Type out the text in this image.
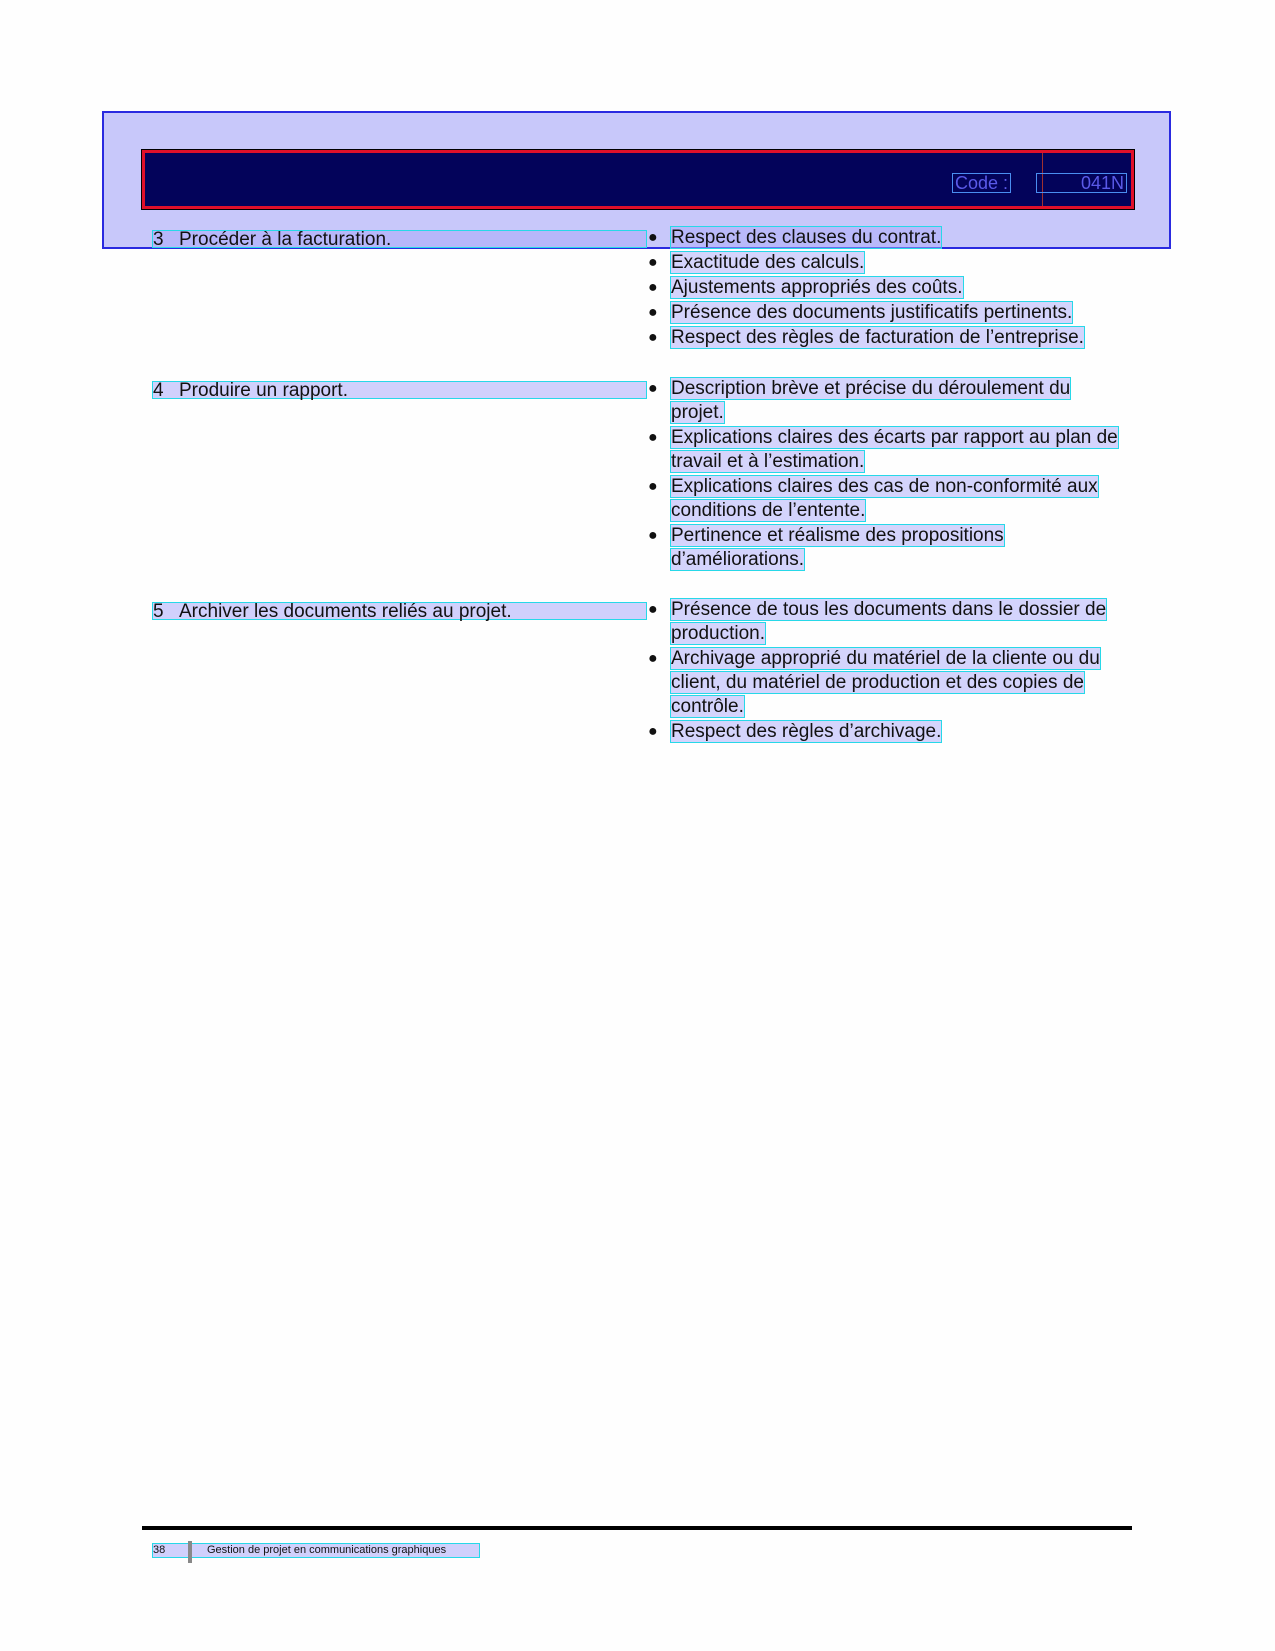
Code :	041N
3 Procéder à la facturation.	● Respect des clauses du contrat.
● Exactitude des calculs.
● Ajustements appropriés des coûts.
● Présence des documents justificatifs pertinents.
● Respect des règles de facturation de l’entreprise.
4 Produire un rapport.	● Description brève et précise du déroulement du projet.
● Explications claires des écarts par rapport au plan de travail et à l’estimation.
● Explications claires des cas de non-conformité aux conditions de l’entente.
● Pertinence et réalisme des propositions d’améliorations.
5 Archiver les documents reliés au projet.	● Présence de tous les documents dans le dossier de production.
● Archivage approprié du matériel de la cliente ou du client, du matériel de production et des copies de contrôle.
● Respect des règles d’archivage.
38	Gestion de projet en communications graphiques
